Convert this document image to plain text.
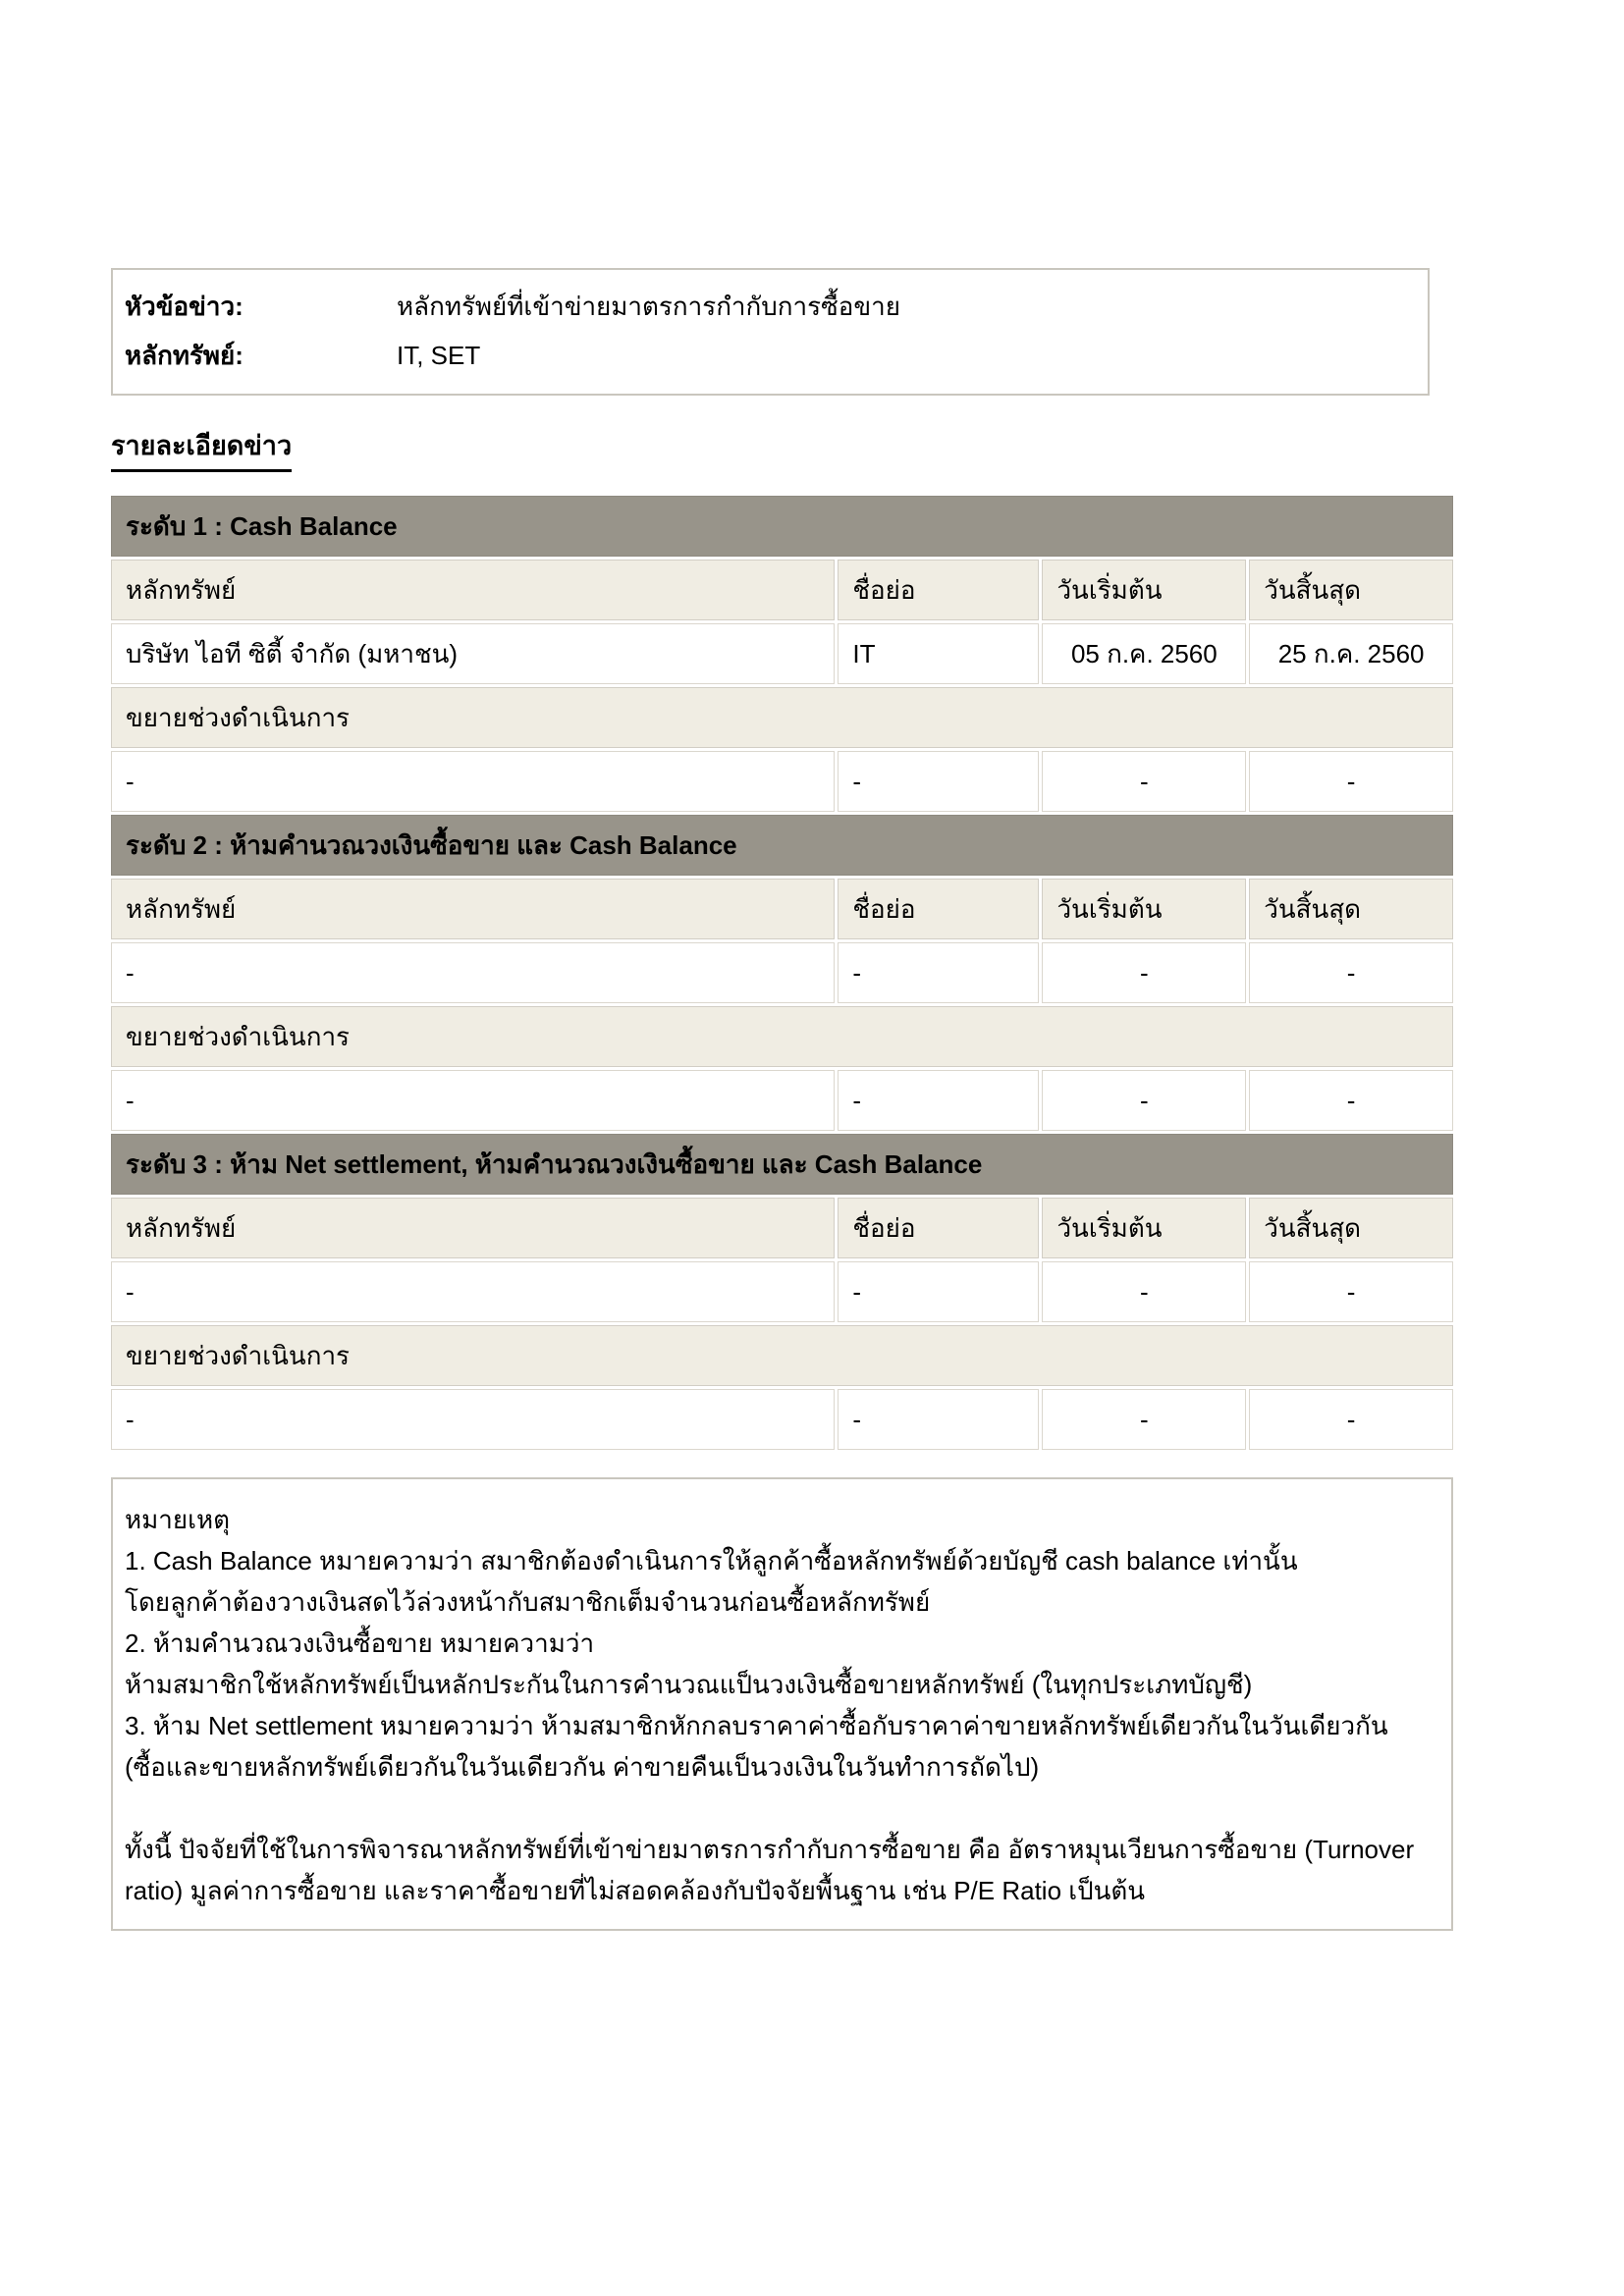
หัวข้อข่าว:	หลักทรัพย์ที่เข้าข่ายมาตรการกำกับการซื้อขาย
หลักทรัพย์:	IT, SET
รายละเอียดข่าว
ระดับ 1 : Cash Balance			
หลักทรัพย์	ชื่อย่อ	วันเริ่มต้น	วันสิ้นสุด
บริษัท ไอที ซิตี้ จำกัด (มหาชน)	IT	05 ก.ค. 2560	25 ก.ค. 2560
ขยายช่วงดำเนินการ			
-	-	-	-
ระดับ 2 : ห้ามคำนวณวงเงินซื้อขาย และ Cash Balance			
หลักทรัพย์	ชื่อย่อ	วันเริ่มต้น	วันสิ้นสุด
-	-	-	-
ขยายช่วงดำเนินการ			
-	-	-	-
ระดับ 3 : ห้าม Net settlement, ห้ามคำนวณวงเงินซื้อขาย และ Cash Balance			
หลักทรัพย์	ชื่อย่อ	วันเริ่มต้น	วันสิ้นสุด
-	-	-	-
ขยายช่วงดำเนินการ			
-	-	-	-
หมายเหตุ
1. Cash Balance หมายความว่า สมาชิกต้องดำเนินการให้ลูกค้าซื้อหลักทรัพย์ด้วยบัญชี cash balance เท่านั้น
โดยลูกค้าต้องวางเงินสดไว้ล่วงหน้ากับสมาชิกเต็มจำนวนก่อนซื้อหลักทรัพย์
2. ห้ามคำนวณวงเงินซื้อขาย หมายความว่า
ห้ามสมาชิกใช้หลักทรัพย์เป็นหลักประกันในการคำนวณแป็นวงเงินซื้อขายหลักทรัพย์ (ในทุกประเภทบัญชี)
3. ห้าม Net settlement หมายความว่า ห้ามสมาชิกหักกลบราคาค่าซื้อกับราคาค่าขายหลักทรัพย์เดียวกันในวันเดียวกัน
(ซื้อและขายหลักทรัพย์เดียวกันในวันเดียวกัน ค่าขายคืนเป็นวงเงินในวันทำการถัดไป)
ทั้งนี้ ปัจจัยที่ใช้ในการพิจารณาหลักทรัพย์ที่เข้าข่ายมาตรการกำกับการซื้อขาย คือ อัตราหมุนเวียนการซื้อขาย (Turnover
ratio) มูลค่าการซื้อขาย และราคาซื้อขายที่ไม่สอดคล้องกับปัจจัยพื้นฐาน เช่น P/E Ratio เป็นต้น
